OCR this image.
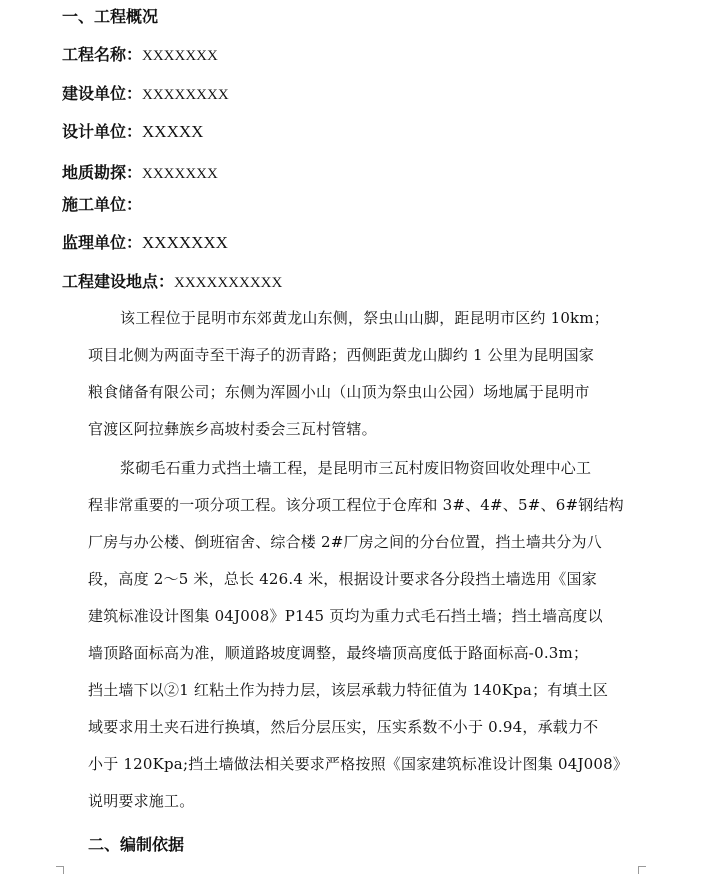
一、工程概况
工程名称：XXXXXXX
建设单位：XXXXXXXX
设计单位：XXXXX
地质勘探：XXXXXXX
施工单位：
监理单位：XXXXXXX
工程建设地点：XXXXXXXXXX
该工程位于昆明市东郊黄龙山东侧，祭虫山山脚，距昆明市区约 10km；
项目北侧为两面寺至干海子的沥青路；西侧距黄龙山脚约 1 公里为昆明国家
粮食储备有限公司；东侧为浑圆小山（山顶为祭虫山公园）场地属于昆明市
官渡区阿拉彝族乡高坡村委会三瓦村管辖。
浆砌毛石重力式挡土墙工程，是昆明市三瓦村废旧物资回收处理中心工
程非常重要的一项分项工程。该分项工程位于仓库和 3#、4#、5#、6#钢结构
厂房与办公楼、倒班宿舍、综合楼 2#厂房之间的分台位置，挡土墙共分为八
段，高度 2～5 米，总长 426.4 米，根据设计要求各分段挡土墙选用《国家
建筑标准设计图集 04J008》P145 页均为重力式毛石挡土墙；挡土墙高度以
墙顶路面标高为准，顺道路坡度调整，最终墙顶高度低于路面标高-0.3m；
挡土墙下以②1 红粘土作为持力层，该层承载力特征值为 140Kpa；有填土区
域要求用土夹石进行换填，然后分层压实，压实系数不小于 0.94，承载力不
小于 120Kpa;挡土墙做法相关要求严格按照《国家建筑标准设计图集 04J008》
说明要求施工。
二、编制依据
